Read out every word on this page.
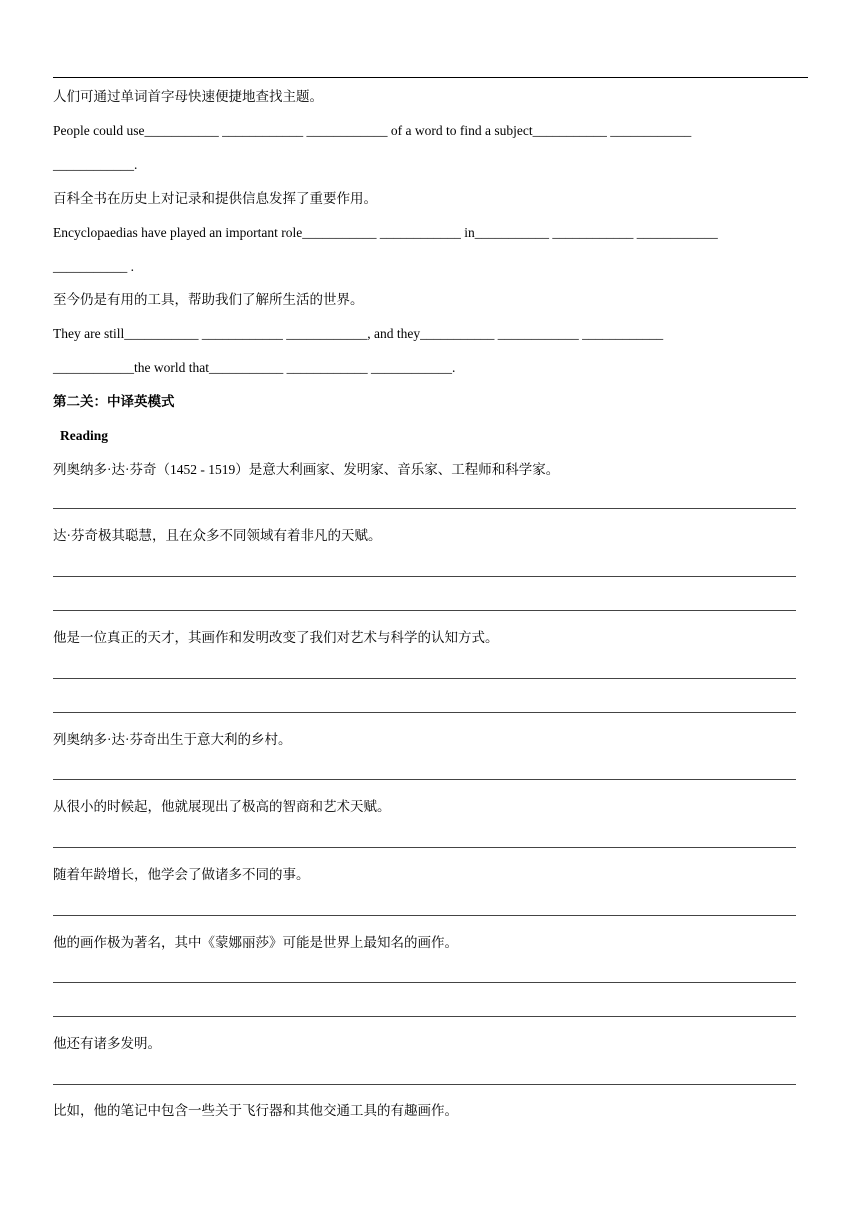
人们可通过单词首字母快速便捷地查找主题。
People could use___________ ____________ ____________ of a word to find a subject___________ ____________
____________.
百科全书在历史上对记录和提供信息发挥了重要作用。
Encyclopaedias have played an important role___________ ____________ in___________ ____________ ____________
___________ .
至今仍是有用的工具，帮助我们了解所生活的世界。
They are still___________ ____________ ____________, and they___________ ____________ ____________
____________the world that___________ ____________ ____________.
第二关：中译英模式
Reading
列奥纳多·达·芬奇（1452 - 1519）是意大利画家、发明家、音乐家、工程师和科学家。
达·芬奇极其聪慧，且在众多不同领域有着非凡的天赋。
他是一位真正的天才，其画作和发明改变了我们对艺术与科学的认知方式。
列奥纳多·达·芬奇出生于意大利的乡村。
从很小的时候起，他就展现出了极高的智商和艺术天赋。
随着年龄增长，他学会了做诸多不同的事。
他的画作极为著名，其中《蒙娜丽莎》可能是世界上最知名的画作。
他还有诸多发明。
比如，他的笔记中包含一些关于飞行器和其他交通工具的有趣画作。
